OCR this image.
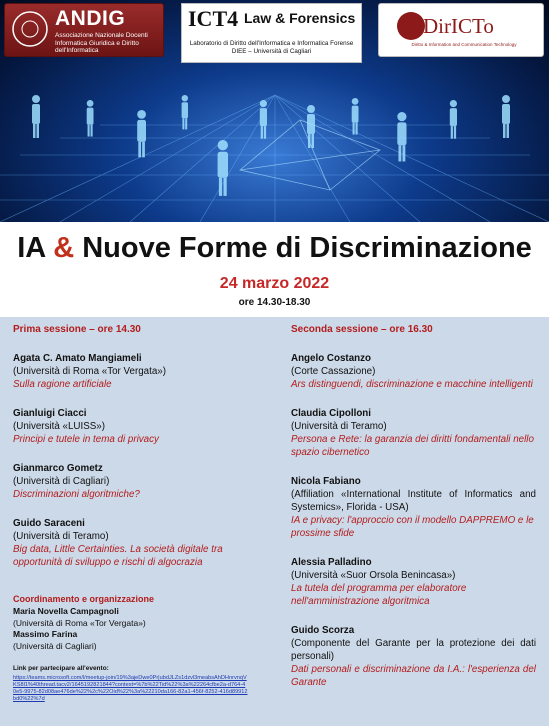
ANDIG
Associazione Nazionale Docenti Informatica Giuridica e Diritto dell'Informatica
ICT4 Law & Forensics
Laboratorio di Diritto dell'Informatica e Informatica Forense DIEE – Università di Cagliari
DirICTo
Diritto & Information and Communication Technology
IA & Nuove Forme di Discriminazione
24 marzo 2022
ore 14.30-18.30
Prima sessione – ore 14.30
Agata C. Amato Mangiameli
(Università di Roma «Tor Vergata»)
Sulla ragione artificiale
Gianluigi Ciacci
(Università «LUISS»)
Principi e tutele in tema di privacy
Gianmarco Gometz
(Università di Cagliari)
Discriminazioni algoritmiche?
Guido Saraceni
(Università di Teramo)
Big data, Little Certainties. La società digitale tra opportunità di sviluppo e rischi di algocrazia
Coordinamento e organizzazione
Maria Novella Campagnoli
(Università di Roma «Tor Vergata»)
Massimo Farina
(Università di Cagliari)
Link per partecipare all'evento:
https://teams.microsoft.com/l/meetup-join/19%3ajeDwe0Pr|ubdJLZs1dzvl3meabsAhDHnrvnqVKS8l1%40thread.tacv2/1645192821844?context=%7b%22Tid%22%3a%22264cfbe2a-d764-40e5-9975-82d08ae476de%22%2c%22Oid%22%3a%22210da166-82a1-456f-8252-416d89912bd0%22%7d
Seconda sessione – ore 16.30
Angelo Costanzo
(Corte Cassazione)
Ars distinguendi, discriminazione e macchine intelligenti
Claudia Cipolloni
(Università di Teramo)
Persona e Rete: la garanzia dei diritti fondamentali nello spazio cibernetico
Nicola Fabiano
(Affiliation «International Institute of Informatics and Systemics», Florida - USA)
IA e privacy: l'approccio con il modello DAPPREMO e le prossime sfide
Alessia Palladino
(Università «Suor Orsola Benincasa»)
La tutela del programma per elaboratore nell'amministrazione algoritmica
Guido Scorza
(Componente del Garante per la protezione dei dati personali)
Dati personali e discriminazione da I.A.: l'esperienza del Garante
